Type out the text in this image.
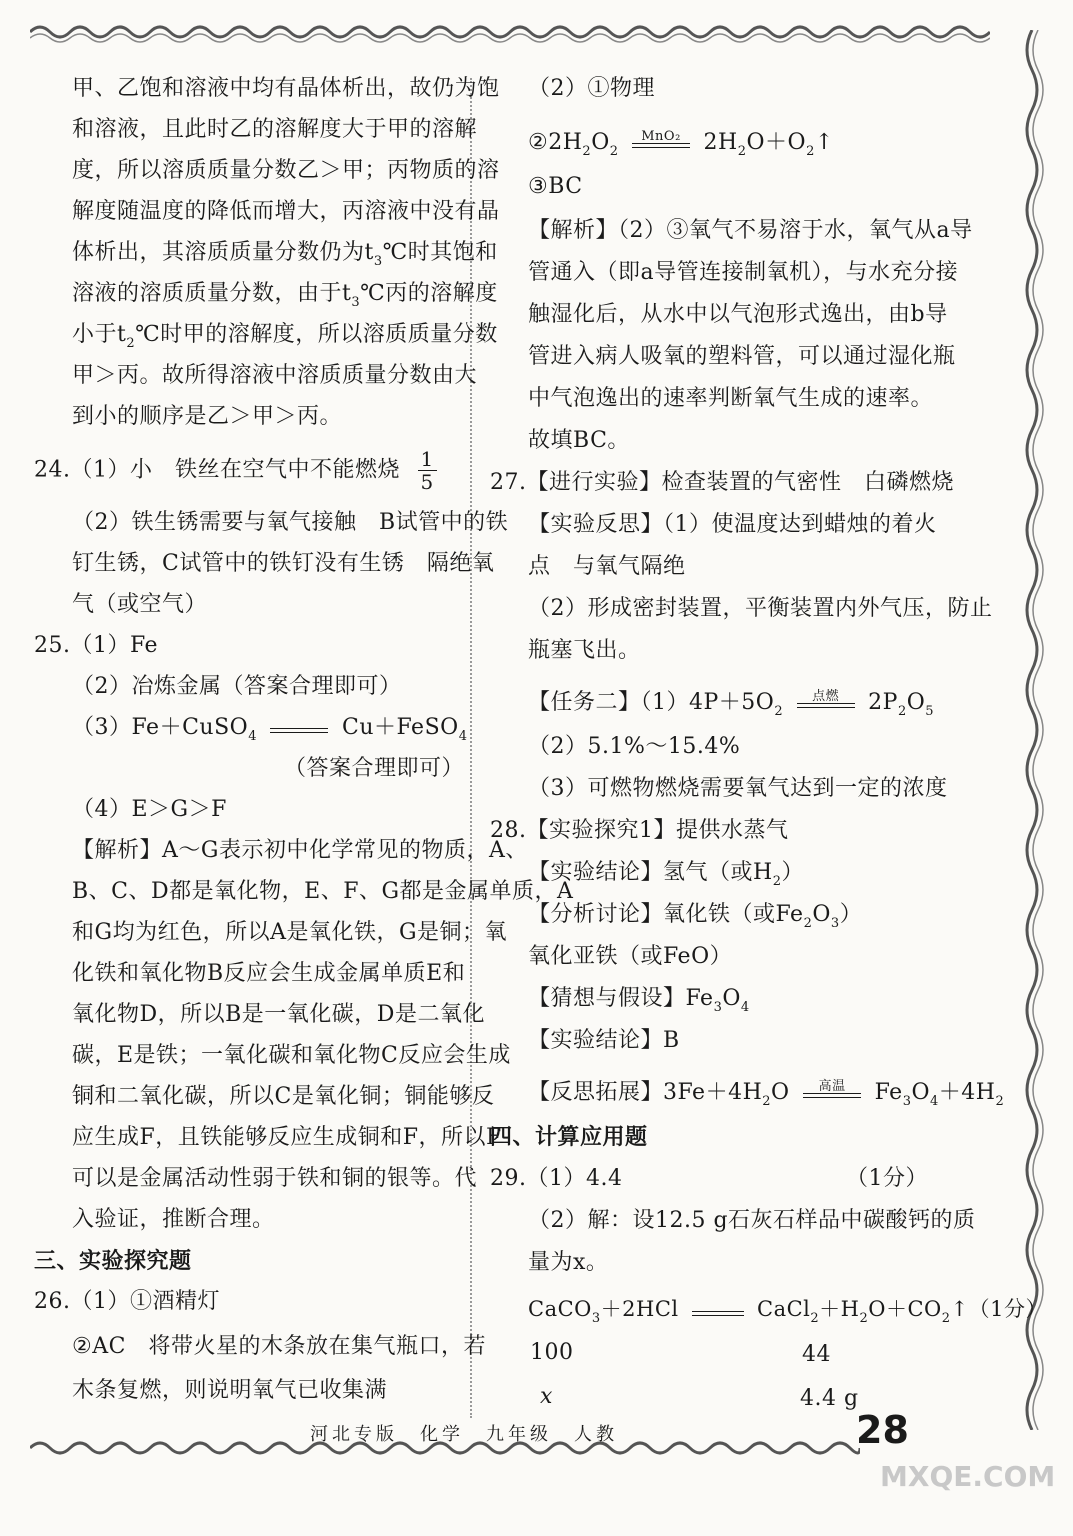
甲、乙饱和溶液中均有晶体析出，故仍为饱
和溶液，且此时乙的溶解度大于甲的溶解
度，所以溶质质量分数乙＞甲；丙物质的溶
解度随温度的降低而增大，丙溶液中没有晶
体析出，其溶质质量分数仍为$t_3℃$时其饱和
溶液的溶质质量分数，由于$t_3℃$丙的溶解度
小于$t_2℃$时甲的溶解度，所以溶质质量分数
甲＞丙。故所得溶液中溶质质量分数由大
到小的顺序是乙＞甲＞丙。
24.（1）小　铁丝在空气中不能燃烧 $\frac{1}{5}$
（2）铁生锈需要与氧气接触　B试管中的铁
钉生锈，C试管中的铁钉没有生锈　隔绝氧
气（或空气）
25.（1）Fe
（2）冶炼金属（答案合理即可）
（3）Fe＋CuSO$_4$	Cu＋FeSO$_4$
（答案合理即可）
（4）E＞G＞F
【解析】A～G表示初中化学常见的物质，A、
B、C、D都是氧化物，E、F、G都是金属单质，A
和G均为红色，所以A是氧化铁，G是铜；氧
化铁和氧化物B反应会生成金属单质E和
氧化物D，所以B是一氧化碳，D是二氧化
碳，E是铁；一氧化碳和氧化物C反应会生成
铜和二氧化碳，所以C是氧化铜；铜能够反
应生成F，且铁能够反应生成铜和F，所以F
可以是金属活动性弱于铁和铜的银等。代
入验证，推断合理。
三、实验探究题
26.（1）①酒精灯
②AC　将带火星的木条放在集气瓶口，若
木条复燃，则说明氧气已收集满
（2）①物理
$②2H_2O_2$
MnO₂	$2H_2O+O_2↑$
③BC
【解析】（2）③氧气不易溶于水，氧气从a导
管通入（即a导管连接制氧机），与水充分接
触湿化后，从水中以气泡形式逸出，由b导
管进入病人吸氧的塑料管，可以通过湿化瓶
中气泡逸出的速率判断氧气生成的速率。
故填BC。
27.【进行实验】检查装置的气密性　白磷燃烧
【实验反思】（1）使温度达到蜡烛的着火
点　与氧气隔绝
（2）形成密封装置，平衡装置内外气压，防止
瓶塞飞出。
【任务二】$(1)4P+5O_2$
点燃	$2P_2O_5$
（2）5.1%～15.4%
（3）可燃物燃烧需要氧气达到一定的浓度
28.【实验探究1】提供水蒸气
【实验结论】氢气（或$H_2$）
【分析讨论】氧化铁（或$Fe_2O_3$）
氧化亚铁（或FeO）
【猜想与假设】$Fe_3O_4$
【实验结论】B
【反思拓展】$3Fe+4H_2O$	高温	$Fe_3O_4+4H_2$
四、计算应用题
29.（1）4.4	（1分）
（2）解：设12.5 g石灰石样品中碳酸钙的质
量为x。
CaCO$_3$＋2HCl	$CaCl_2+H_2O+CO_2↑(1$分）
100	44
x	4.4 g
河北专版　化学　九年级　人教	28
MXQE.COM
